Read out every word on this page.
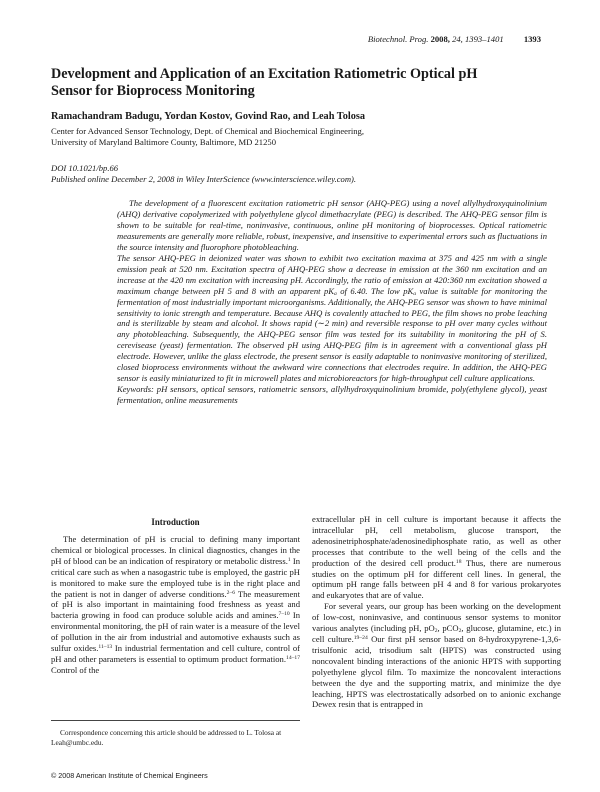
Biotechnol. Prog. 2008, 24, 1393–1401 1393
Development and Application of an Excitation Ratiometric Optical pH Sensor for Bioprocess Monitoring
Ramachandram Badugu, Yordan Kostov, Govind Rao, and Leah Tolosa
Center for Advanced Sensor Technology, Dept. of Chemical and Biochemical Engineering,
University of Maryland Baltimore County, Baltimore, MD 21250
DOI 10.1021/bp.66
Published online December 2, 2008 in Wiley InterScience (www.interscience.wiley.com).

The development of a fluorescent excitation ratiometric pH sensor (AHQ-PEG) using a novel allylhydroxyquinolinium (AHQ) derivative copolymerized with polyethylene glycol dimethacrylate (PEG) is described. The AHQ-PEG sensor film is shown to be suitable for real-time, noninvasive, continuous, online pH monitoring of bioprocesses. Optical ratiometric measurements are generally more reliable, robust, inexpensive, and insensitive to experimental errors such as fluctuations in the source intensity and fluorophore photobleaching.

The sensor AHQ-PEG in deionized water was shown to exhibit two excitation maxima at 375 and 425 nm with a single emission peak at 520 nm. Excitation spectra of AHQ-PEG show a decrease in emission at the 360 nm excitation and an increase at the 420 nm excitation with increasing pH. Accordingly, the ratio of emission at 420:360 nm excitation showed a maximum change between pH 5 and 8 with an apparent $pK_a$ of 6.40. The low $pK_a$ value is suitable for monitoring the fermentation of most industrially important microorganisms. Additionally, the AHQ-PEG sensor was shown to have minimal sensitivity to ionic strength and temperature. Because AHQ is covalently attached to PEG, the film shows no probe leaching and is sterilizable by steam and alcohol. It shows rapid (∼2 min) and reversible response to pH over many cycles without any photobleaching. Subsequently, the AHQ-PEG sensor film was tested for its suitability in monitoring the pH of S. cerevisease (yeast) fermentation. The observed pH using AHQ-PEG film is in agreement with a conventional glass pH electrode. However, unlike the glass electrode, the present sensor is easily adaptable to noninvasive monitoring of sterilized, closed bioprocess environments without the awkward wire connections that electrodes require. In addition, the AHQ-PEG sensor is easily miniaturized to fit in microwell plates and microbioreactors for high-throughput cell culture applications.

Keywords: pH sensors, optical sensors, ratiometric sensors, allylhydroxyquinolinium bromide, poly(ethylene glycol), yeast fermentation, online measurements

Introduction

The determination of pH is crucial to defining many important chemical or biological processes. In clinical diagnostics, changes in the pH of blood can be an indication of respiratory or metabolic distress.$^1$ In critical care such as when a nasogastric tube is employed, the gastric pH is monitored to make sure the employed tube is in the right place and the patient is not in danger of adverse conditions.$^{2-6}$ The measurement of pH is also important in maintaining food freshness as yeast and bacteria growing in food can produce soluble acids and amines.$^{7-10}$ In environmental monitoring, the pH of rain water is a measure of the level of pollution in the air from industrial and automotive exhausts such as sulfur oxides.$^{11-13}$ In industrial fermentation and cell culture, control of pH and other parameters is essential to optimum product formation.$^{14-17}$ Control of the

extracellular pH in cell culture is important because it affects the intracellular pH, cell metabolism, glucose transport, the adenosinetriphosphate/adenosinediphosphate ratio, as well as other processes that contribute to the well being of the cells and the production of the desired cell product.$^{18}$ Thus, there are numerous studies on the optimum pH for different cell lines. In general, the optimum pH range falls between pH 4 and 8 for various prokaryotes and eukaryotes that are of value.

For several years, our group has been working on the development of low-cost, noninvasive, and continuous sensor systems to monitor various analytes (including pH, $pO_2$, pCO$_2$, glucose, glutamine, etc.) in cell culture.$^{19-24}$ Our first pH sensor based on 8-hydroxypyrene-1,3,6-trisulfonic acid, trisodium salt (HPTS) was constructed using noncovalent binding interactions of the anionic HPTS with supporting polyethylene glycol film. To maximize the noncovalent interactions between the dye and the supporting matrix, and minimize the dye leaching, HPTS was electrostatically adsorbed on to anionic exchange Dewex resin that is entrapped in

Correspondence concerning this article should be addressed to L. Tolosa at Leah@umbc.edu.
© 2008 American Institute of Chemical Engineers
